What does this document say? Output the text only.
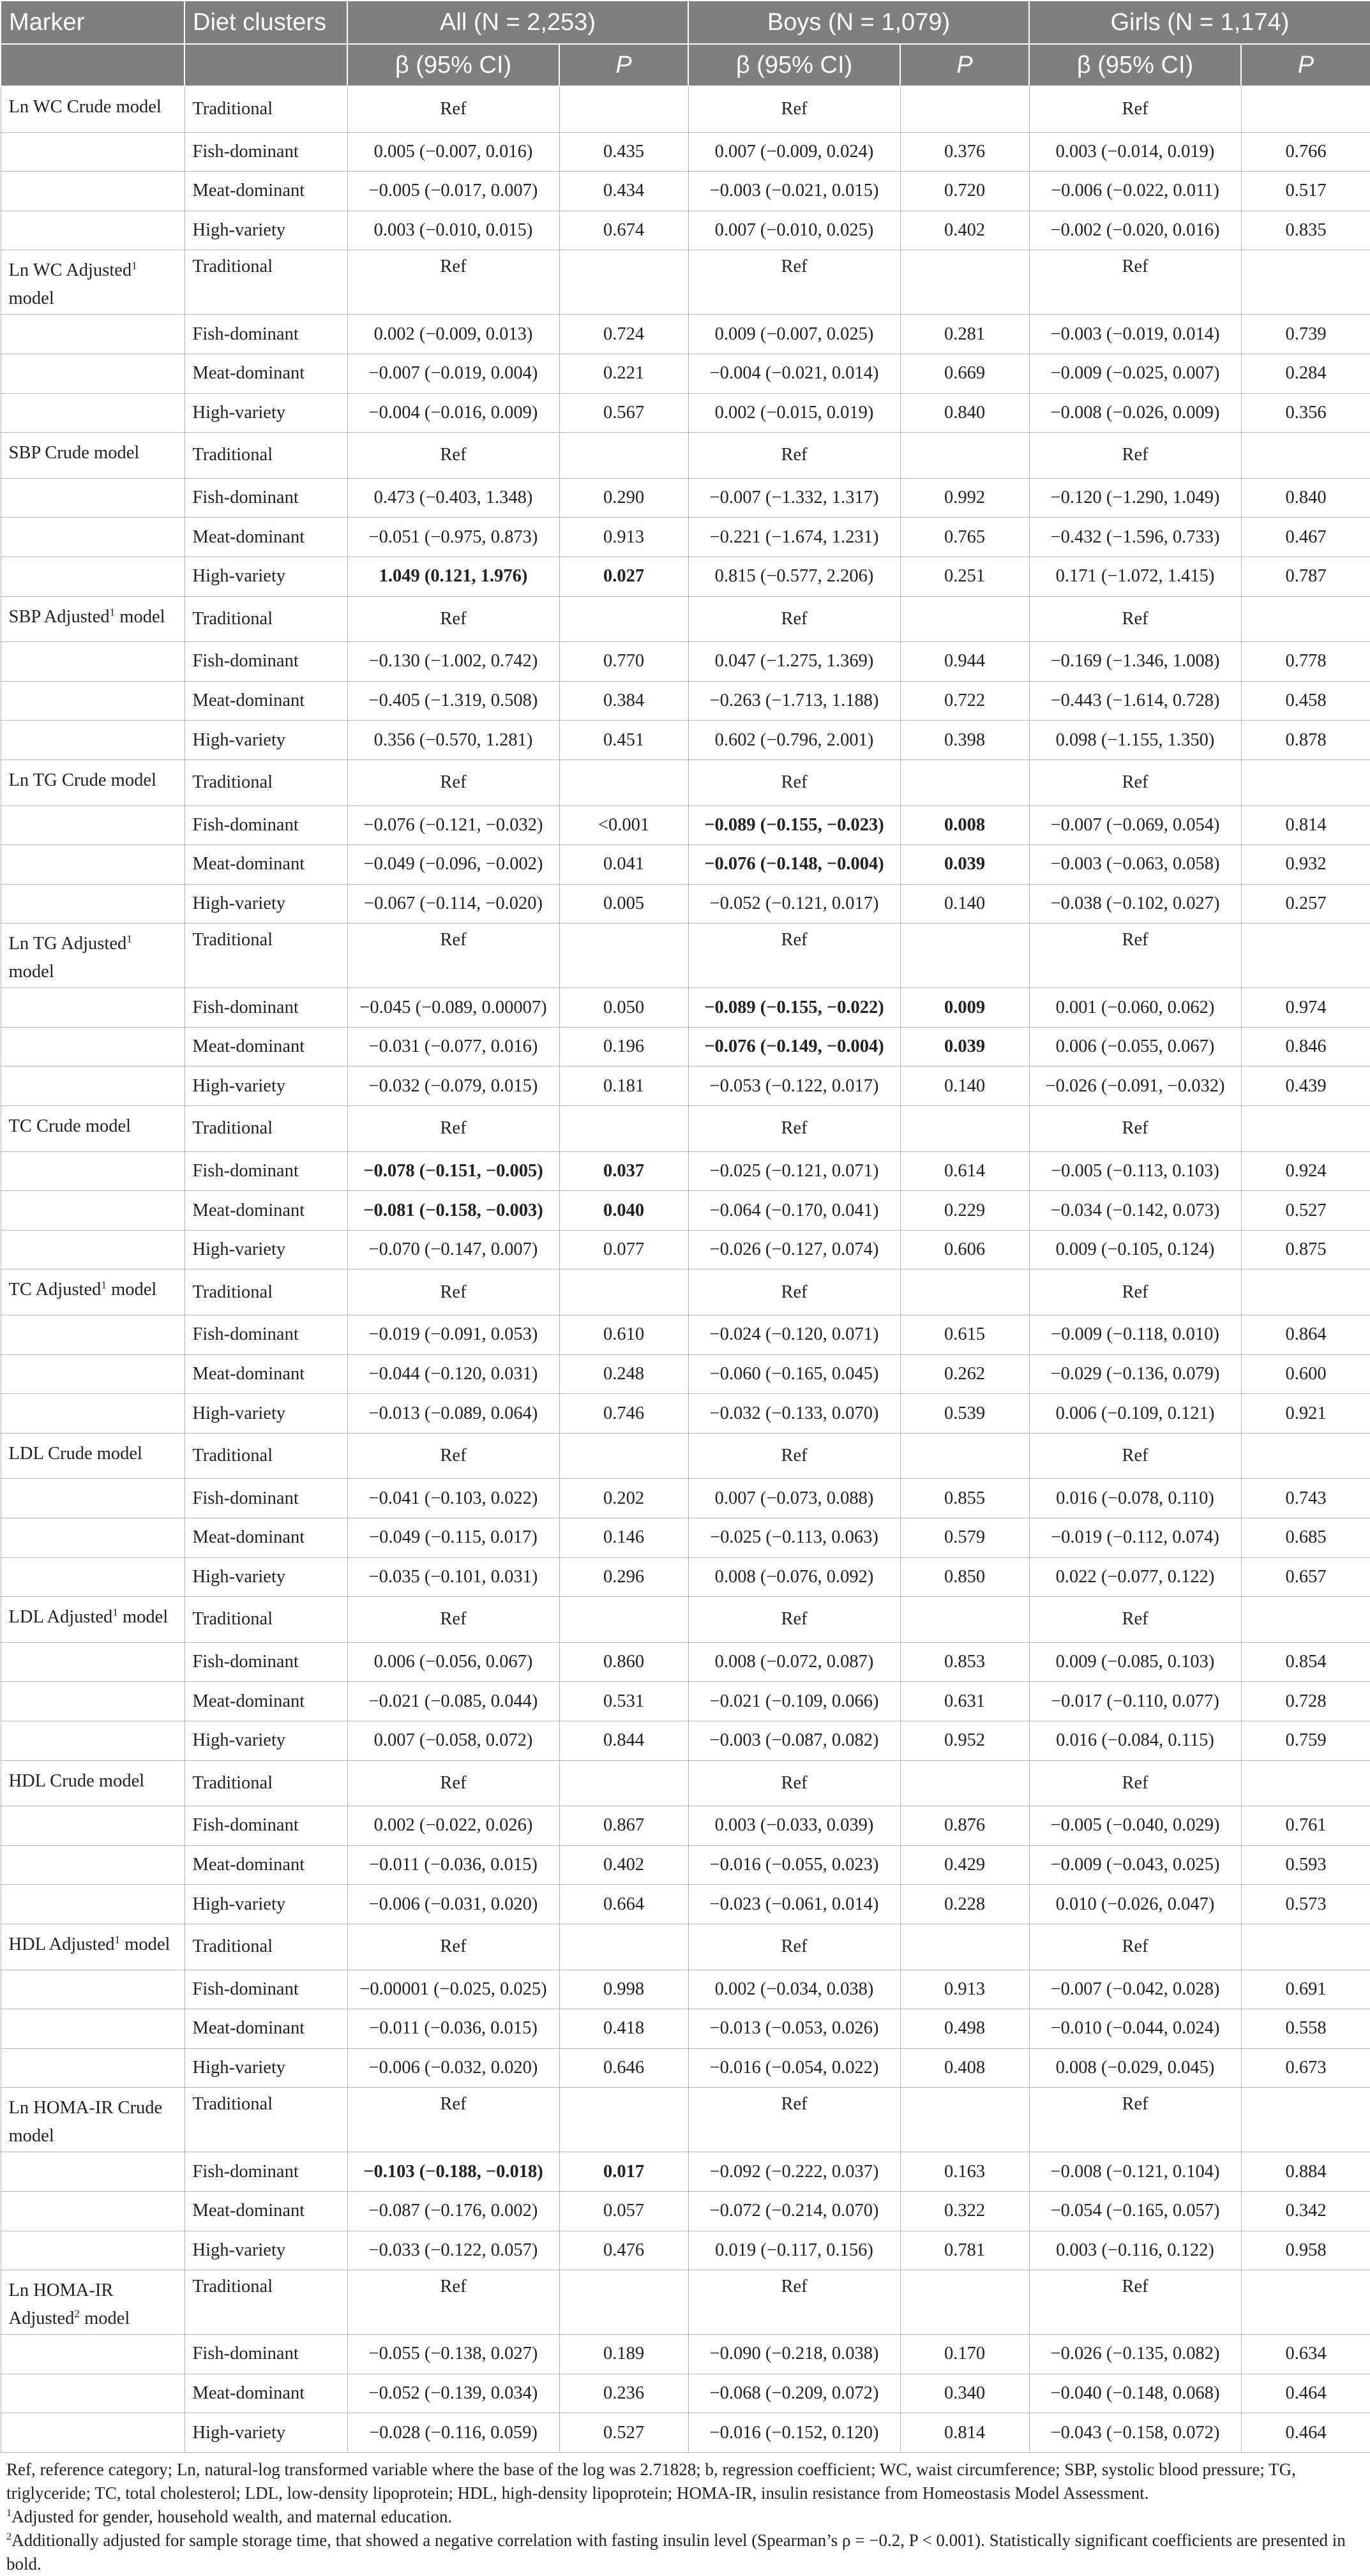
Marker	Diet clusters	All (N = 2,253)		Boys (N = 1,079)		Girls (N = 1,174)	
		β (95% CI)	P	β (95% CI)	P	β (95% CI)	P
Ln WC Crude model	Traditional	Ref		Ref		Ref	
	Fish-dominant	0.005 (−0.007, 0.016)	0.435	0.007 (−0.009, 0.024)	0.376	0.003 (−0.014, 0.019)	0.766
	Meat-dominant	−0.005 (−0.017, 0.007)	0.434	−0.003 (−0.021, 0.015)	0.720	−0.006 (−0.022, 0.011)	0.517
	High-variety	0.003 (−0.010, 0.015)	0.674	0.007 (−0.010, 0.025)	0.402	−0.002 (−0.020, 0.016)	0.835
Ln WC Adjusted$^1$ model	Traditional	Ref		Ref		Ref	
	Fish-dominant	0.002 (−0.009, 0.013)	0.724	0.009 (−0.007, 0.025)	0.281	−0.003 (−0.019, 0.014)	0.739
	Meat-dominant	−0.007 (−0.019, 0.004)	0.221	−0.004 (−0.021, 0.014)	0.669	−0.009 (−0.025, 0.007)	0.284
	High-variety	−0.004 (−0.016, 0.009)	0.567	0.002 (−0.015, 0.019)	0.840	−0.008 (−0.026, 0.009)	0.356
SBP Crude model	Traditional	Ref		Ref		Ref	
	Fish-dominant	0.473 (−0.403, 1.348)	0.290	−0.007 (−1.332, 1.317)	0.992	−0.120 (−1.290, 1.049)	0.840
	Meat-dominant	−0.051 (−0.975, 0.873)	0.913	−0.221 (−1.674, 1.231)	0.765	−0.432 (−1.596, 0.733)	0.467
	High-variety	1.049 (0.121, 1.976)	0.027	0.815 (−0.577, 2.206)	0.251	0.171 (−1.072, 1.415)	0.787
SBP Adjusted$^1$ model	Traditional	Ref		Ref		Ref	
	Fish-dominant	−0.130 (−1.002, 0.742)	0.770	0.047 (−1.275, 1.369)	0.944	−0.169 (−1.346, 1.008)	0.778
	Meat-dominant	−0.405 (−1.319, 0.508)	0.384	−0.263 (−1.713, 1.188)	0.722	−0.443 (−1.614, 0.728)	0.458
	High-variety	0.356 (−0.570, 1.281)	0.451	0.602 (−0.796, 2.001)	0.398	0.098 (−1.155, 1.350)	0.878
Ln TG Crude model	Traditional	Ref		Ref		Ref	
	Fish-dominant	−0.076 (−0.121, −0.032)	<0.001	−0.089 (−0.155, −0.023)	0.008	−0.007 (−0.069, 0.054)	0.814
	Meat-dominant	−0.049 (−0.096, −0.002)	0.041	−0.076 (−0.148, −0.004)	0.039	−0.003 (−0.063, 0.058)	0.932
	High-variety	−0.067 (−0.114, −0.020)	0.005	−0.052 (−0.121, 0.017)	0.140	−0.038 (−0.102, 0.027)	0.257
Ln TG Adjusted$^1$ model	Traditional	Ref		Ref		Ref	
	Fish-dominant	−0.045 (−0.089, 0.00007)	0.050	−0.089 (−0.155, −0.022)	0.009	0.001 (−0.060, 0.062)	0.974
	Meat-dominant	−0.031 (−0.077, 0.016)	0.196	−0.076 (−0.149, −0.004)	0.039	0.006 (−0.055, 0.067)	0.846
	High-variety	−0.032 (−0.079, 0.015)	0.181	−0.053 (−0.122, 0.017)	0.140	−0.026 (−0.091, −0.032)	0.439
TC Crude model	Traditional	Ref		Ref		Ref	
	Fish-dominant	−0.078 (−0.151, −0.005)	0.037	−0.025 (−0.121, 0.071)	0.614	−0.005 (−0.113, 0.103)	0.924
	Meat-dominant	−0.081 (−0.158, −0.003)	0.040	−0.064 (−0.170, 0.041)	0.229	−0.034 (−0.142, 0.073)	0.527
	High-variety	−0.070 (−0.147, 0.007)	0.077	−0.026 (−0.127, 0.074)	0.606	0.009 (−0.105, 0.124)	0.875
TC Adjusted$^1$ model	Traditional	Ref		Ref		Ref	
	Fish-dominant	−0.019 (−0.091, 0.053)	0.610	−0.024 (−0.120, 0.071)	0.615	−0.009 (−0.118, 0.010)	0.864
	Meat-dominant	−0.044 (−0.120, 0.031)	0.248	−0.060 (−0.165, 0.045)	0.262	−0.029 (−0.136, 0.079)	0.600
	High-variety	−0.013 (−0.089, 0.064)	0.746	−0.032 (−0.133, 0.070)	0.539	0.006 (−0.109, 0.121)	0.921
LDL Crude model	Traditional	Ref		Ref		Ref	
	Fish-dominant	−0.041 (−0.103, 0.022)	0.202	0.007 (−0.073, 0.088)	0.855	0.016 (−0.078, 0.110)	0.743
	Meat-dominant	−0.049 (−0.115, 0.017)	0.146	−0.025 (−0.113, 0.063)	0.579	−0.019 (−0.112, 0.074)	0.685
	High-variety	−0.035 (−0.101, 0.031)	0.296	0.008 (−0.076, 0.092)	0.850	0.022 (−0.077, 0.122)	0.657
LDL Adjusted$^1$ model	Traditional	Ref		Ref		Ref	
	Fish-dominant	0.006 (−0.056, 0.067)	0.860	0.008 (−0.072, 0.087)	0.853	0.009 (−0.085, 0.103)	0.854
	Meat-dominant	−0.021 (−0.085, 0.044)	0.531	−0.021 (−0.109, 0.066)	0.631	−0.017 (−0.110, 0.077)	0.728
	High-variety	0.007 (−0.058, 0.072)	0.844	−0.003 (−0.087, 0.082)	0.952	0.016 (−0.084, 0.115)	0.759
HDL Crude model	Traditional	Ref		Ref		Ref	
	Fish-dominant	0.002 (−0.022, 0.026)	0.867	0.003 (−0.033, 0.039)	0.876	−0.005 (−0.040, 0.029)	0.761
	Meat-dominant	−0.011 (−0.036, 0.015)	0.402	−0.016 (−0.055, 0.023)	0.429	−0.009 (−0.043, 0.025)	0.593
	High-variety	−0.006 (−0.031, 0.020)	0.664	−0.023 (−0.061, 0.014)	0.228	0.010 (−0.026, 0.047)	0.573
HDL Adjusted$^1$ model	Traditional	Ref		Ref		Ref	
	Fish-dominant	−0.00001 (−0.025, 0.025)	0.998	0.002 (−0.034, 0.038)	0.913	−0.007 (−0.042, 0.028)	0.691
	Meat-dominant	−0.011 (−0.036, 0.015)	0.418	−0.013 (−0.053, 0.026)	0.498	−0.010 (−0.044, 0.024)	0.558
	High-variety	−0.006 (−0.032, 0.020)	0.646	−0.016 (−0.054, 0.022)	0.408	0.008 (−0.029, 0.045)	0.673
Ln HOMA-IR Crude model	Traditional	Ref		Ref		Ref	
	Fish-dominant	−0.103 (−0.188, −0.018)	0.017	−0.092 (−0.222, 0.037)	0.163	−0.008 (−0.121, 0.104)	0.884
	Meat-dominant	−0.087 (−0.176, 0.002)	0.057	−0.072 (−0.214, 0.070)	0.322	−0.054 (−0.165, 0.057)	0.342
	High-variety	−0.033 (−0.122, 0.057)	0.476	0.019 (−0.117, 0.156)	0.781	0.003 (−0.116, 0.122)	0.958
Ln HOMA-IR Adjusted$^2$ model	Traditional	Ref		Ref		Ref	
	Fish-dominant	−0.055 (−0.138, 0.027)	0.189	−0.090 (−0.218, 0.038)	0.170	−0.026 (−0.135, 0.082)	0.634
	Meat-dominant	−0.052 (−0.139, 0.034)	0.236	−0.068 (−0.209, 0.072)	0.340	−0.040 (−0.148, 0.068)	0.464
	High-variety	−0.028 (−0.116, 0.059)	0.527	−0.016 (−0.152, 0.120)	0.814	−0.043 (−0.158, 0.072)	0.464

Ref, reference category; Ln, natural-log transformed variable where the base of the log was 2.71828; b, regression coefficient; WC, waist circumference; SBP, systolic blood pressure; TG, triglyceride; TC, total cholesterol; LDL, low-density lipoprotein; HDL, high-density lipoprotein; HOMA-IR, insulin resistance from Homeostasis Model Assessment.

$^1$Adjusted for gender, household wealth, and maternal education.

$^2$Additionally adjusted for sample storage time, that showed a negative correlation with fasting insulin level (Spearman’s ρ = −0.2, P < 0.001). Statistically significant coefficients are presented in bold.
